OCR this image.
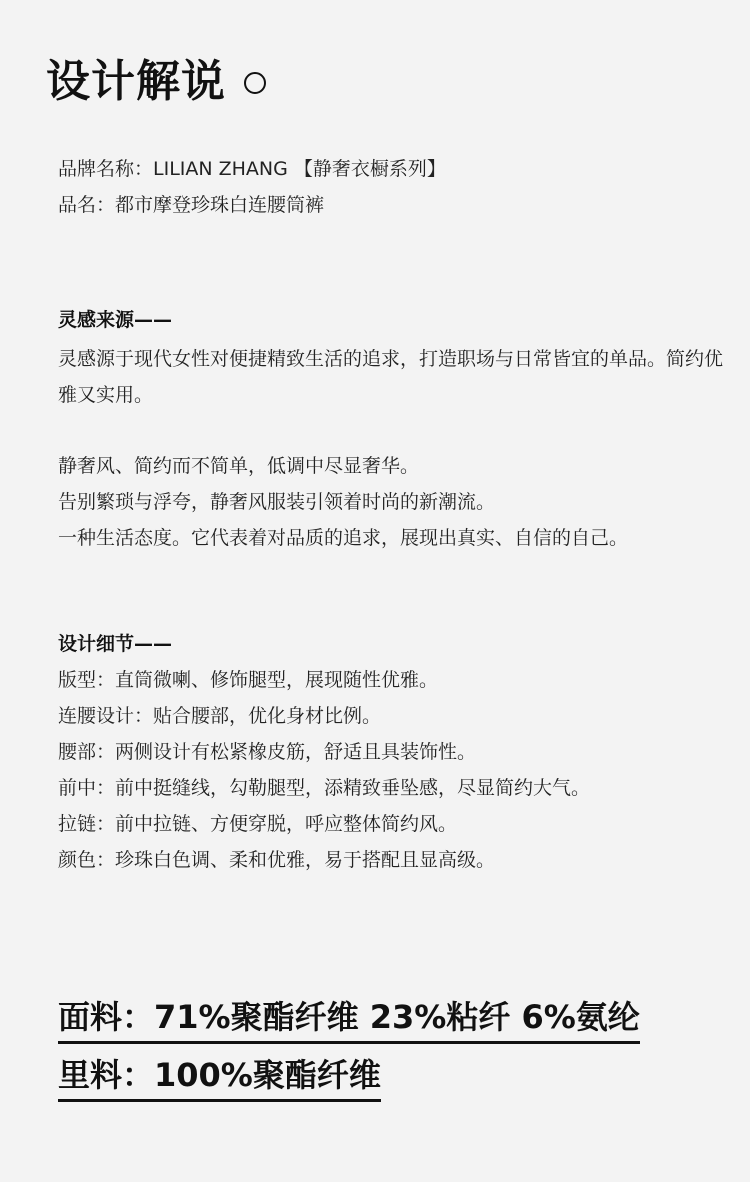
设计解说

品牌名称：LILIAN ZHANG 【静奢衣橱系列】

品名：都市摩登珍珠白连腰筒裤

灵感来源——

灵感源于现代女性对便捷精致生活的追求，打造职场与日常皆宜的单品。简约优雅又实用。

静奢风、简约而不简单，低调中尽显奢华。

告别繁琐与浮夸，静奢风服装引领着时尚的新潮流。

一种生活态度。它代表着对品质的追求，展现出真实、自信的自己。

设计细节——

版型：直筒微喇、修饰腿型，展现随性优雅。

连腰设计：贴合腰部，优化身材比例。

腰部：两侧设计有松紧橡皮筋，舒适且具装饰性。

前中：前中挺缝线，勾勒腿型，添精致垂坠感，尽显简约大气。

拉链：前中拉链、方便穿脱，呼应整体简约风。

颜色：珍珠白色调、柔和优雅，易于搭配且显高级。

面料：71%聚酯纤维 23%粘纤 6%氨纶
里料：100%聚酯纤维
